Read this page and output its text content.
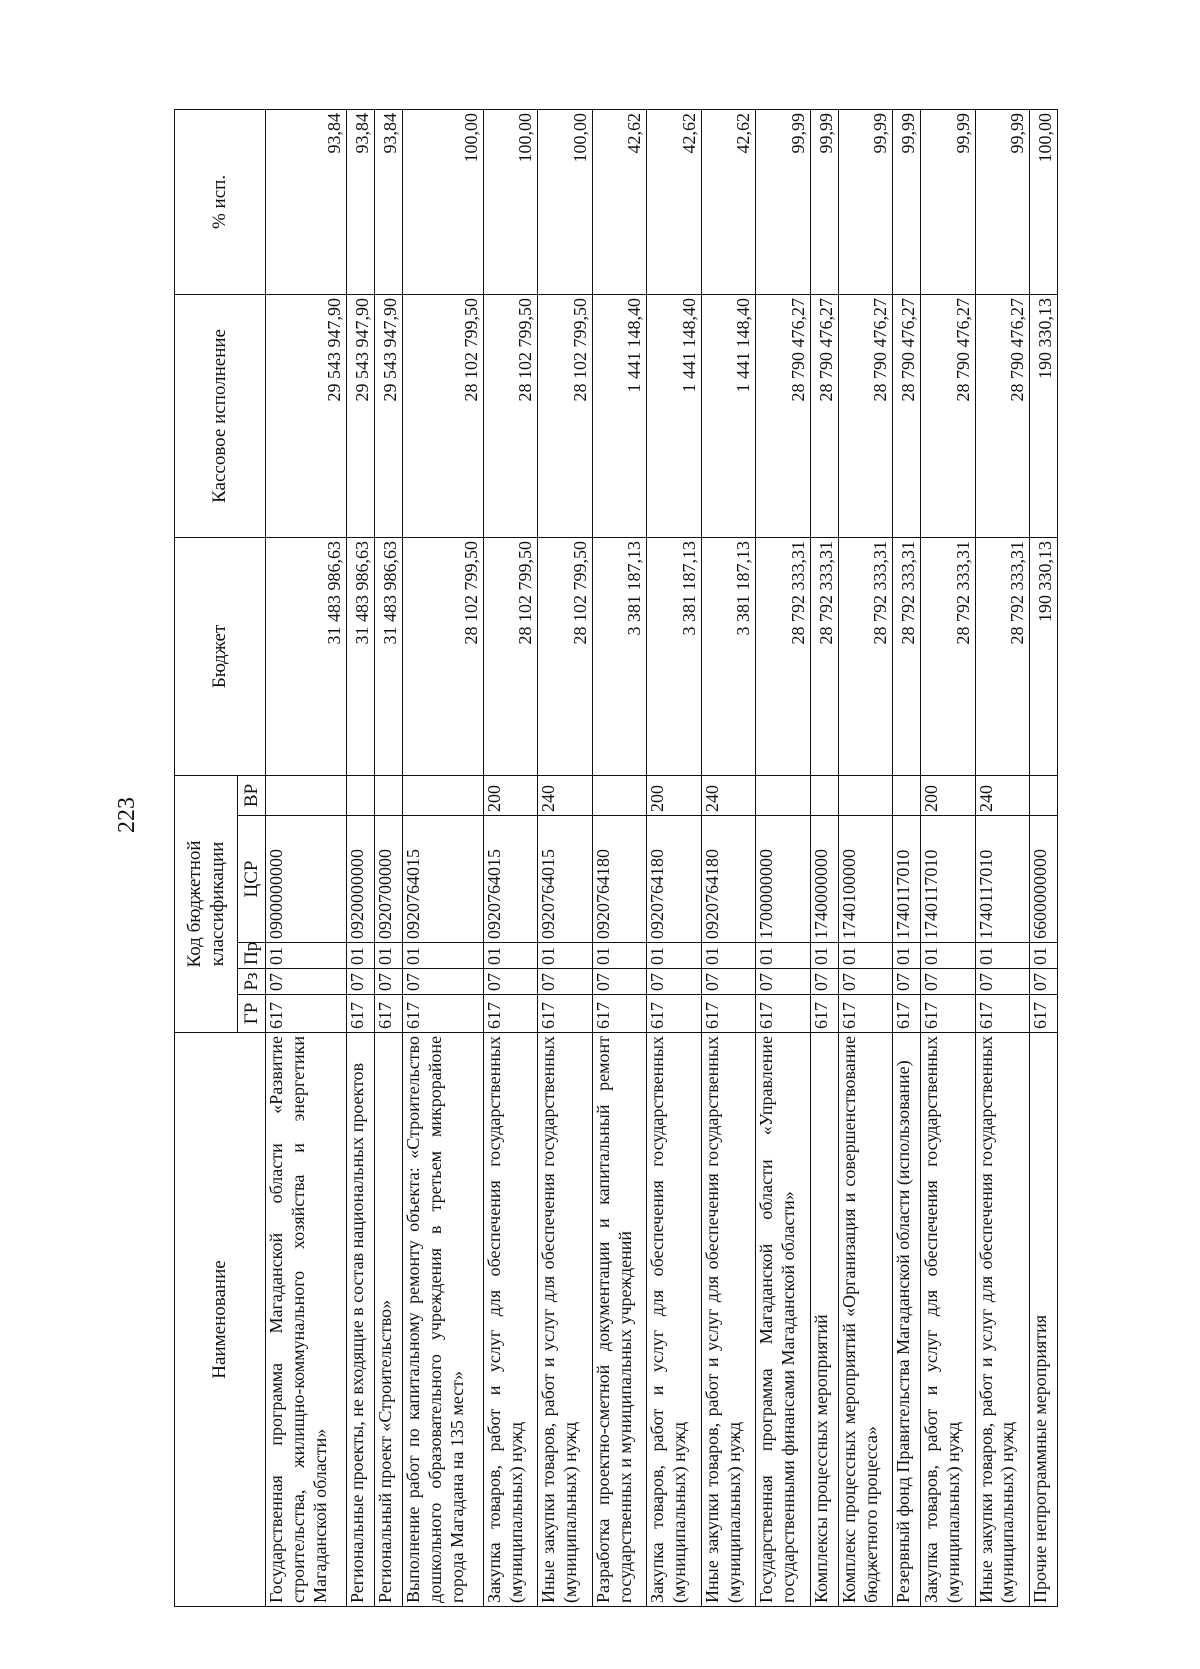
223
Наименование	Код бюджетной классификации					Бюджет	Кассовое исполнение	% исп.
	ГР	Рз	Пр	ЦСР	ВР			
Государственная программа Магаданской области «Развитие строительства, жилищно-коммунального хозяйства и энергетики Магаданской области»	617	07	01	0900000000		31 483 986,63	29 543 947,90	93,84
Региональные проекты, не входящие в состав национальных проектов	617	07	01	0920000000		31 483 986,63	29 543 947,90	93,84
Региональный проект «Строительство»	617	07	01	0920700000		31 483 986,63	29 543 947,90	93,84
Выполнение работ по капитальному ремонту объекта: «Строительство дошкольного образовательного учреждения в третьем микрорайоне города Магадана на 135 мест»	617	07	01	0920764015		28 102 799,50	28 102 799,50	100,00
Закупка товаров, работ и услуг для обеспечения государственных (муниципальных) нужд	617	07	01	0920764015	200	28 102 799,50	28 102 799,50	100,00
Иные закупки товаров, работ и услуг для обеспечения государственных (муниципальных) нужд	617	07	01	0920764015	240	28 102 799,50	28 102 799,50	100,00
Разработка проектно-сметной документации и капитальный ремонт государственных и муниципальных учреждений	617	07	01	0920764180		3 381 187,13	1 441 148,40	42,62
Закупка товаров, работ и услуг для обеспечения государственных (муниципальных) нужд	617	07	01	0920764180	200	3 381 187,13	1 441 148,40	42,62
Иные закупки товаров, работ и услуг для обеспечения государственных (муниципальных) нужд	617	07	01	0920764180	240	3 381 187,13	1 441 148,40	42,62
Государственная программа Магаданской области «Управление государственными финансами Магаданской области»	617	07	01	1700000000		28 792 333,31	28 790 476,27	99,99
Комплексы процессных мероприятий	617	07	01	1740000000		28 792 333,31	28 790 476,27	99,99
Комплекс процессных мероприятий «Организация и совершенствование бюджетного процесса»	617	07	01	1740100000		28 792 333,31	28 790 476,27	99,99
Резервный фонд Правительства Магаданской области (использование)	617	07	01	1740117010		28 792 333,31	28 790 476,27	99,99
Закупка товаров, работ и услуг для обеспечения государственных (муниципальных) нужд	617	07	01	1740117010	200	28 792 333,31	28 790 476,27	99,99
Иные закупки товаров, работ и услуг для обеспечения государственных (муниципальных) нужд	617	07	01	1740117010	240	28 792 333,31	28 790 476,27	99,99
Прочие непрограммные мероприятия	617	07	01	6600000000		190 330,13	190 330,13	100,00
